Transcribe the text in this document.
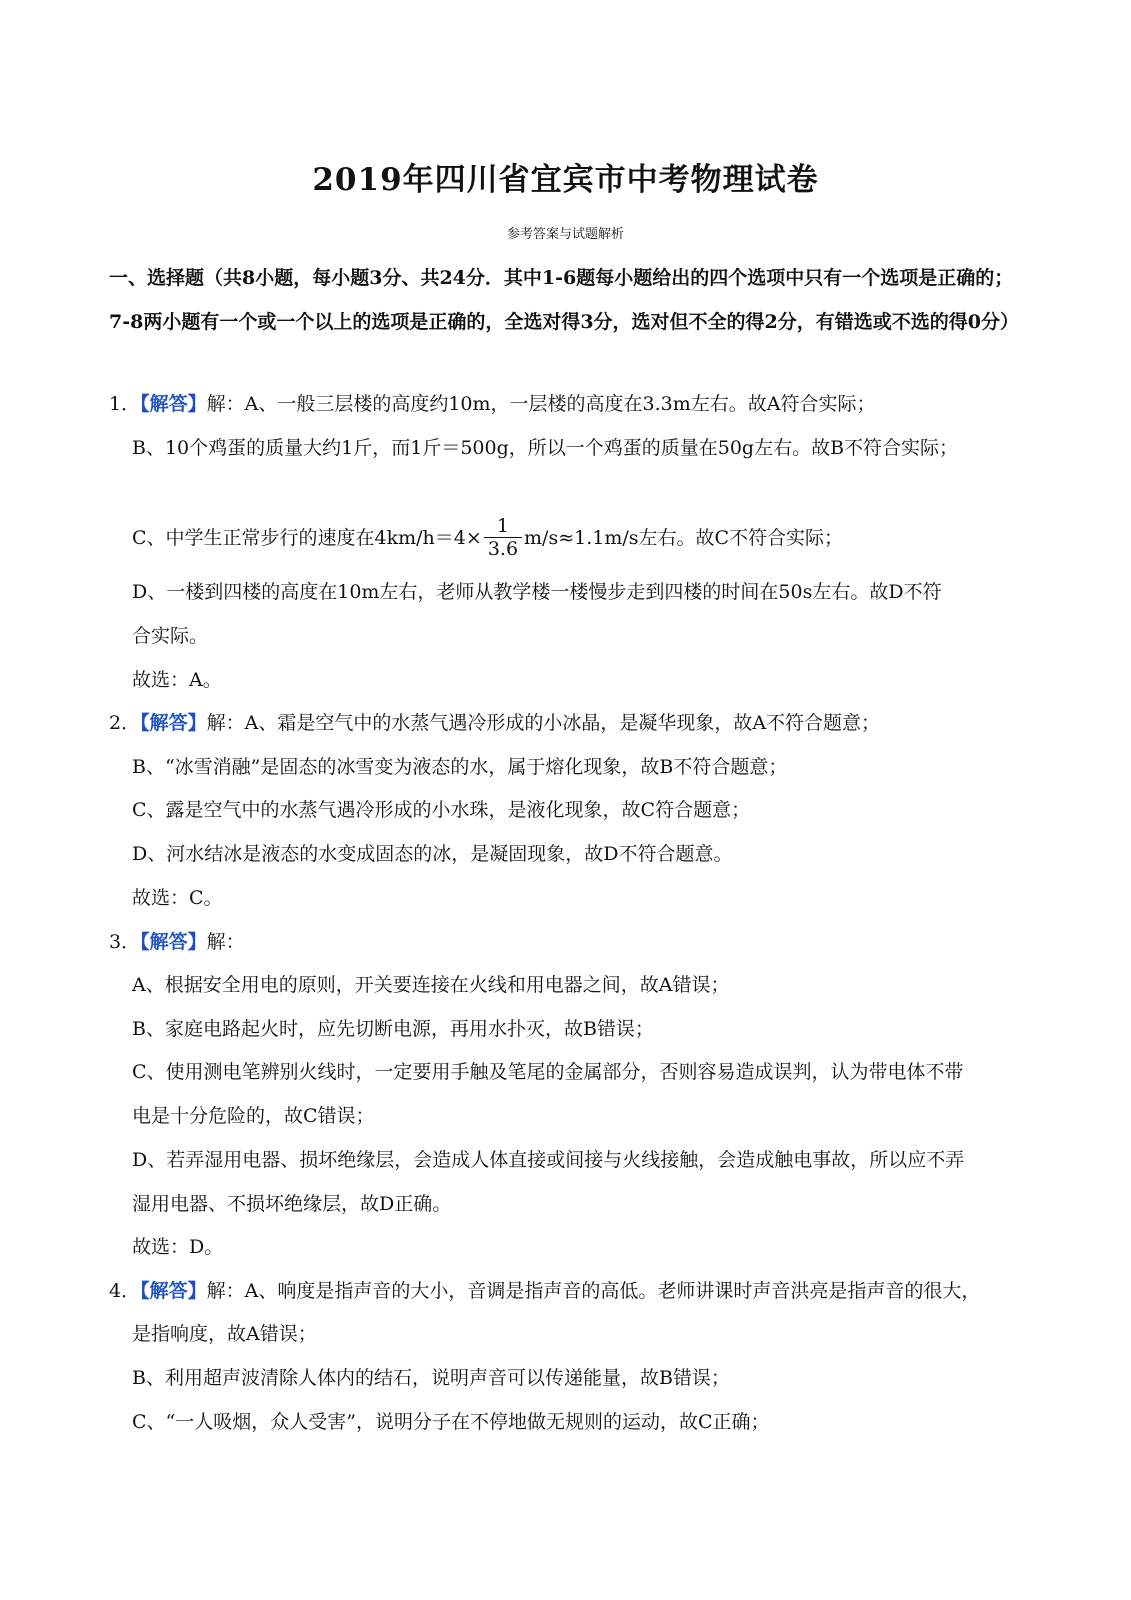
2019年四川省宜宾市中考物理试卷
参考答案与试题解析
一、选择题（共8小题，每小题3分、共24分．其中1-6题每小题给出的四个选项中只有一个选项是正确的；7-8两小题有一个或一个以上的选项是正确的，全选对得3分，选对但不全的得2分，有错选或不选的得0分）
1．【解答】解：A、一般三层楼的高度约10m，一层楼的高度在3.3m左右。故A符合实际；
B、10个鸡蛋的质量大约1斤，而1斤＝500g，所以一个鸡蛋的质量在50g左右。故B不符合实际；
C、中学生正常步行的速度在$4km/h=4\times \frac{1}{3.6} m/s\approx 1.1m/s$左右。故C不符合实际；
D、一楼到四楼的高度在10m左右，老师从教学楼一楼慢步走到四楼的时间在50s左右。故D不符
合实际。
故选：A。
2．【解答】解：A、霜是空气中的水蒸气遇冷形成的小冰晶，是凝华现象，故A不符合题意；
B、“冰雪消融”是固态的冰雪变为液态的水，属于熔化现象，故B不符合题意；
C、露是空气中的水蒸气遇冷形成的小水珠，是液化现象，故C符合题意；
D、河水结冰是液态的水变成固态的冰，是凝固现象，故D不符合题意。
故选：C。
3．【解答】解：
A、根据安全用电的原则，开关要连接在火线和用电器之间，故A错误；
B、家庭电路起火时，应先切断电源，再用水扑灭，故B错误；
C、使用测电笔辨别火线时，一定要用手触及笔尾的金属部分，否则容易造成误判，认为带电体不带
电是十分危险的，故C错误；
D、若弄湿用电器、损坏绝缘层，会造成人体直接或间接与火线接触，会造成触电事故，所以应不弄
湿用电器、不损坏绝缘层，故D正确。
故选：D。
4．【解答】解：A、响度是指声音的大小，音调是指声音的高低。老师讲课时声音洪亮是指声音的很大，
是指响度，故A错误；
B、利用超声波清除人体内的结石，说明声音可以传递能量，故B错误；
C、“一人吸烟，众人受害”，说明分子在不停地做无规则的运动，故C正确；
